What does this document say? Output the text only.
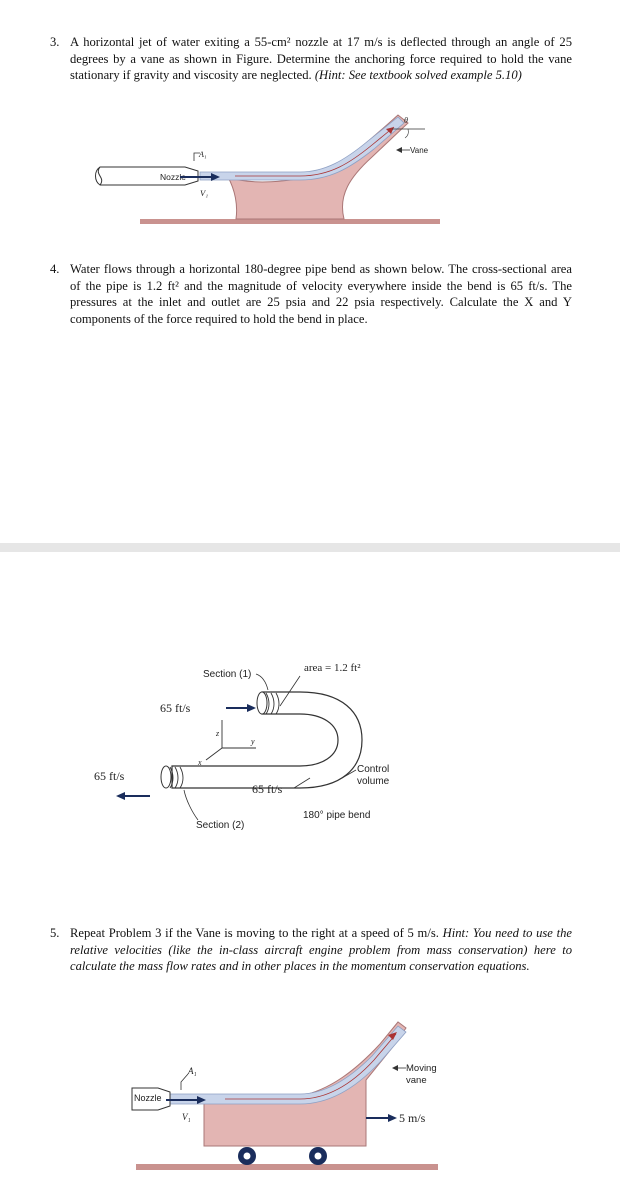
3. A horizontal jet of water exiting a 55-cm² nozzle at 17 m/s is deflected through an angle of 25 degrees by a vane as shown in Figure. Determine the anchoring force required to hold the vane stationary if gravity and viscosity are neglected. (Hint: See textbook solved example 5.10)
Nozzle
A₁
V₁
θ
Vane
4. Water flows through a horizontal 180-degree pipe bend as shown below. The cross-sectional area of the pipe is 1.2 ft² and the magnitude of velocity everywhere inside the bend is 65 ft/s. The pressures at the inlet and outlet are 25 psia and 22 psia respectively. Calculate the X and Y components of the force required to hold the bend in place.
z
y
x
Section (1)
area = 1.2 ft²
65 ft/s
65 ft/s
65 ft/s
Control
volume
180° pipe bend
Section (2)
5. Repeat Problem 3 if the Vane is moving to the right at a speed of 5 m/s. Hint: You need to use the relative velocities (like the in-class aircraft engine problem from mass conservation) here to calculate the mass flow rates and in other places in the momentum conservation equations.
Nozzle
A₁
V₁
Moving
vane
5 m/s
